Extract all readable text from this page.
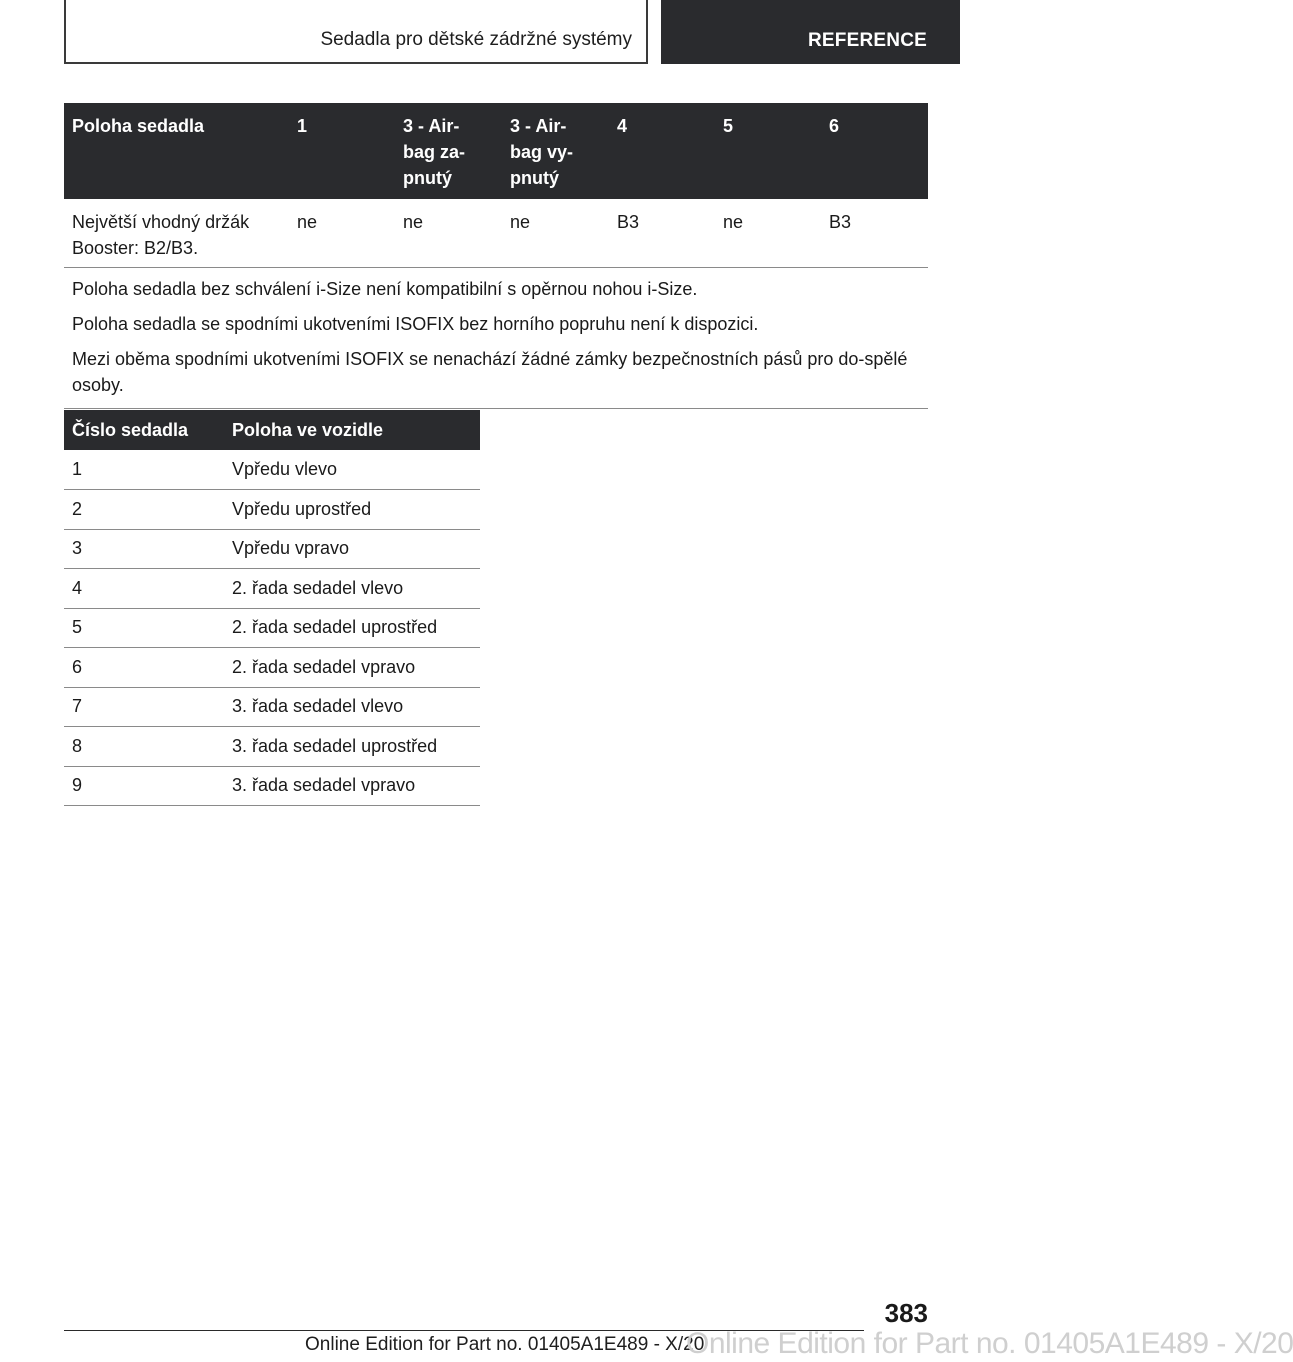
Sedadla pro dětské zádržné systémy	REFERENCE
Poloha sedadla	1	3 - Air-
bag za-
pnutý	3 - Air-
bag vy-
pnutý	4	5	6
Největší vhodný držák Booster: B2/B3.	ne	ne	ne	B3	ne	B3

Poloha sedadla bez schválení i-Size není kompatibilní s opěrnou nohou i-Size.

Poloha sedadla se spodními ukotveními ISOFIX bez horního popruhu není k dispozici.

Mezi oběma spodními ukotveními ISOFIX se nenachází žádné zámky bezpečnostních pásů pro do-spělé osoby.						

Číslo sedadla	Poloha ve vozidle
1	Vpředu vlevo
2	Vpředu uprostřed
3	Vpředu vpravo
4	2. řada sedadel vlevo
5	2. řada sedadel uprostřed
6	2. řada sedadel vpravo
7	3. řada sedadel vlevo
8	3. řada sedadel uprostřed
9	3. řada sedadel vpravo
383
Online Edition for Part no. 01405A1E489 - X/20
Online Edition for Part no. 01405A1E489 - X/20
